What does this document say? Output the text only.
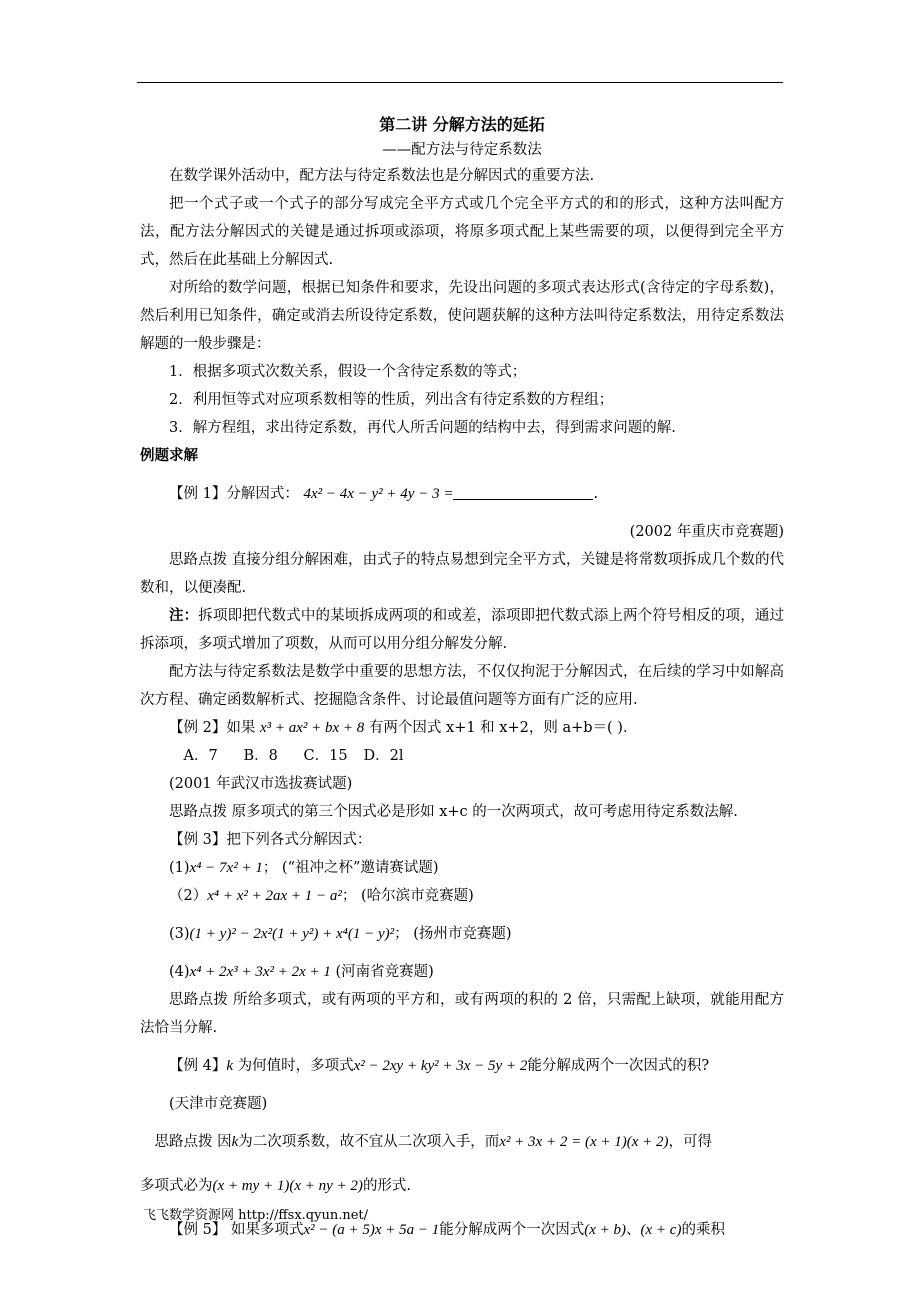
第二讲 分解方法的延拓
——配方法与待定系数法

在数学课外活动中，配方法与待定系数法也是分解因式的重要方法.

把一个式子或一个式子的部分写成完全平方式或几个完全平方式的和的形式，这种方法叫配方法，配方法分解因式的关键是通过拆项或添项，将原多项式配上某些需要的项，以便得到完全平方式，然后在此基础上分解因式.

对所给的数学问题，根据已知条件和要求，先设出问题的多项式表达形式(含待定的字母系数)，然后利用已知条件，确定或消去所设待定系数，使问题获解的这种方法叫待定系数法，用待定系数法解题的一般步骤是：

1．根据多项式次数关系，假设一个含待定系数的等式；

2．利用恒等式对应项系数相等的性质，列出含有待定系数的方程组；

3．解方程组，求出待定系数，再代人所舌问题的结构中去，得到需求问题的解.

例题求解

【例 1】分解因式： 4x² − 4x − y² + 4y − 3 =	.

(2002 年重庆市竞赛题)

思路点拨 直接分组分解困难，由式子的特点易想到完全平方式，关键是将常数项拆成几个数的代数和，以便凑配.

注：拆项即把代数式中的某顷拆成两项的和或差，添项即把代数式添上两个符号相反的项，通过拆添项，多项式增加了项数，从而可以用分组分解发分解.

配方法与待定系数法是数学中重要的思想方法，不仅仅拘泥于分解因式，在后续的学习中如解高次方程、确定函数解析式、挖掘隐含条件、讨论最值问题等方面有广泛的应用.

【例 2】如果 x³ + ax² + bx + 8 有两个因式 x+1 和 x+2，则 a+b＝( )．

A．7 B．8 C．15 D．2l

(2001 年武汉市选拔赛试题)

思路点拨 原多项式的第三个因式必是形如 x+c 的一次两项式，故可考虑用待定系数法解.

【例 3】把下列各式分解因式：

(1)x⁴ − 7x² + 1； (“祖冲之杯”邀请赛试题)

（2）x⁴ + x² + 2ax + 1 − a²； (哈尔滨市竞赛题)

(3)(1 + y)² − 2x²(1 + y²) + x⁴(1 − y)²； (扬州市竞赛题)

(4)x⁴ + 2x³ + 3x² + 2x + 1 (河南省竞赛题)

思路点拨 所给多项式，或有两项的平方和，或有两项的积的 2 倍，只需配上缺项，就能用配方法恰当分解.

【例 4】k 为何值时，多项式x² − 2xy + ky² + 3x − 5y + 2能分解成两个一次因式的积?

(天津市竞赛题)

思路点拨 因k为二次项系数，故不宜从二次项入手，而x² + 3x + 2 = (x + 1)(x + 2)，可得

多项式必为(x + my + 1)(x + ny + 2)的形式.

【例 5】 如果多项式x² − (a + 5)x + 5a − 1能分解成两个一次因式(x + b)、(x + c)的乘积

飞飞数学资源网 http://ffsx.qyun.net/
